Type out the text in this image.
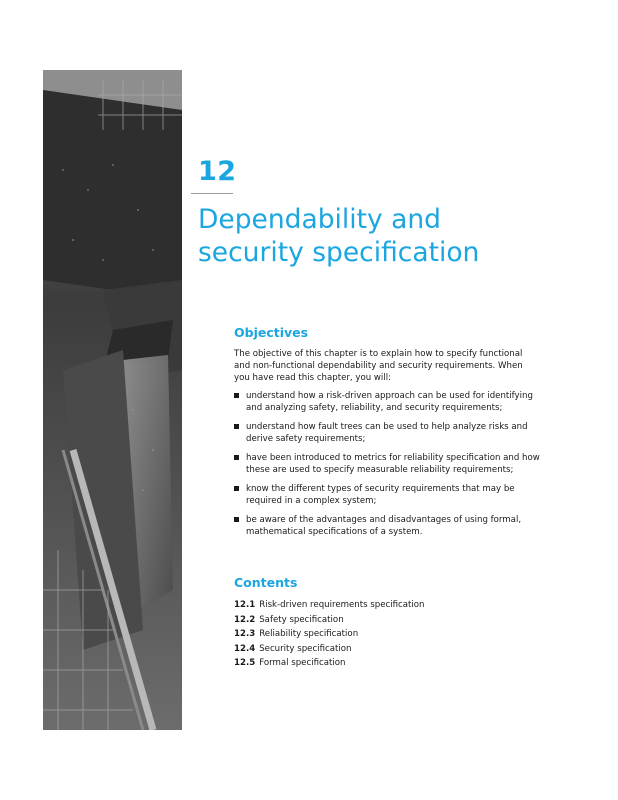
12
Dependability and
security specification
Objectives

The objective of this chapter is to explain how to specify functional and non-functional dependability and security requirements. When you have read this chapter, you will:

understand how a risk-driven approach can be used for identifying and analyzing safety, reliability, and security requirements;
understand how fault trees can be used to help analyze risks and derive safety requirements;
have been introduced to metrics for reliability specification and how these are used to specify measurable reliability requirements;
know the different types of security requirements that may be required in a complex system;
be aware of the advantages and disadvantages of using formal, mathematical specifications of a system.
Contents
12.1 Risk-driven requirements specification
12.2 Safety specification
12.3 Reliability specification
12.4 Security specification
12.5 Formal specification
